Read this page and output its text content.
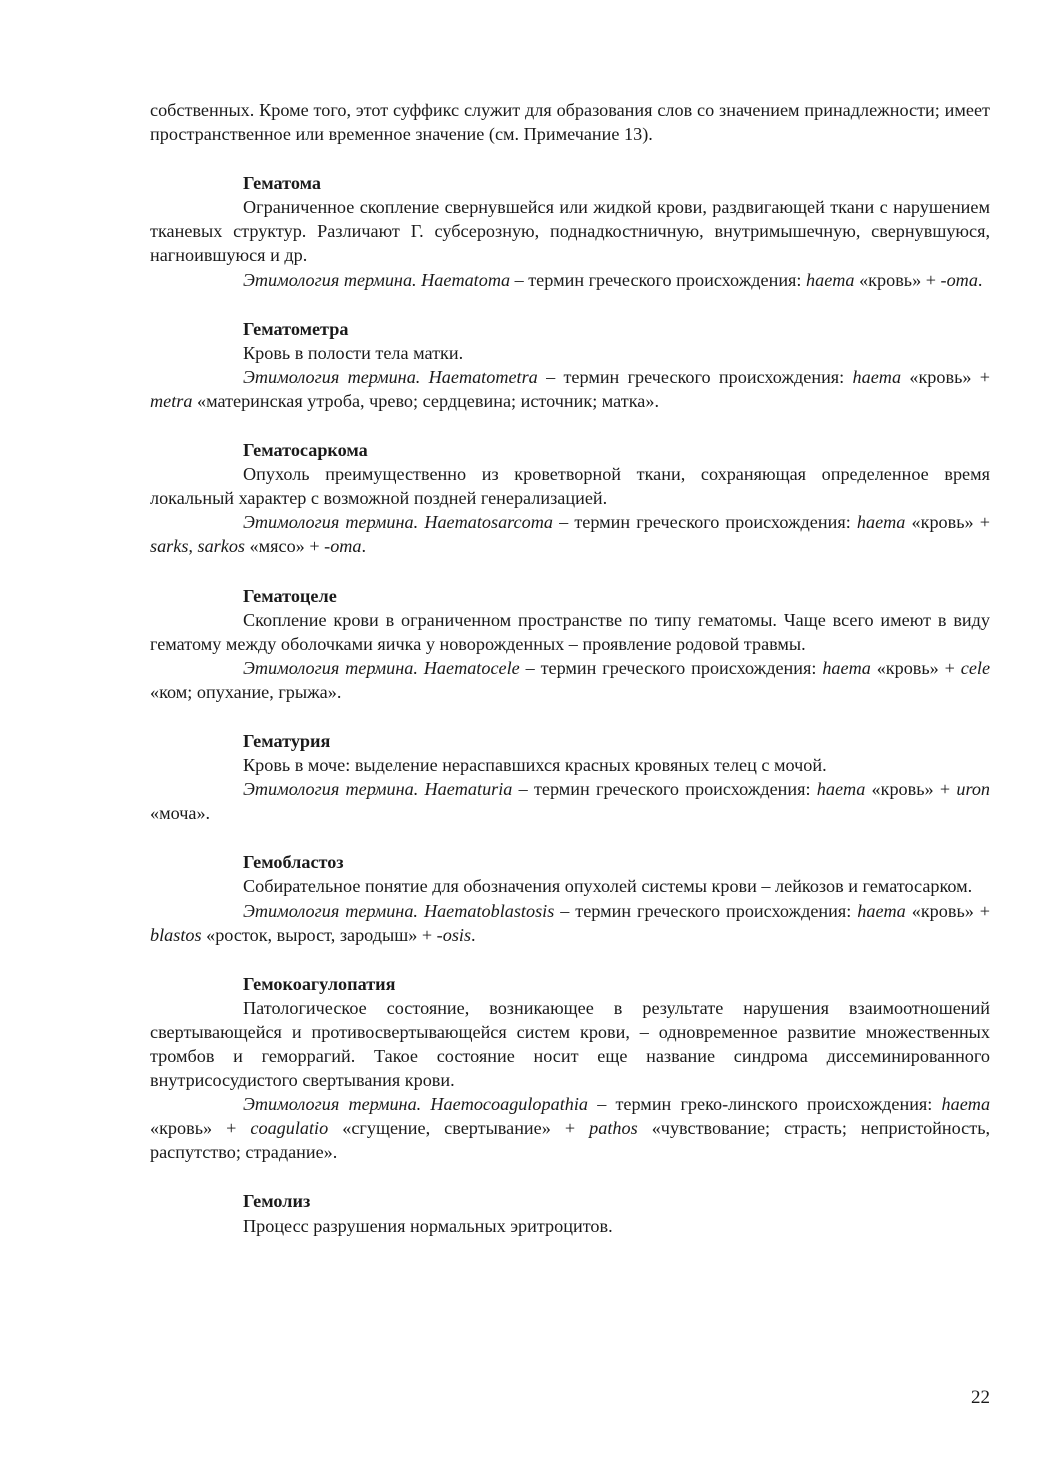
собственных. Кроме того, этот суффикс служит для образования слов со значением принадлежности; имеет пространственное или временное значение (см. Примечание 13).

Гематома

Ограниченное скопление свернувшейся или жидкой крови, раздвигающей ткани с нарушением тканевых структур. Различают Г. субсерозную, поднадкостничную, внутримышечную, свернувшуюся, нагноившуюся и др.

Этимология термина. Haematoma – термин греческого происхождения: haema «кровь» + -oma.

Гематометра

Кровь в полости тела матки.

Этимология термина. Haematometra – термин греческого происхождения: haema «кровь» + metra «материнская утроба, чрево; сердцевина; источник; матка».

Гематосаркома

Опухоль преимущественно из кроветворной ткани, сохраняющая определенное время локальный характер с возможной поздней генерализацией.

Этимология термина. Haematosarcoma – термин греческого происхождения: haema «кровь» + sarks, sarkos «мясо» + -oma.

Гематоцеле

Скопление крови в ограниченном пространстве по типу гематомы. Чаще всего имеют в виду гематому между оболочками яичка у новорожденных – проявление родовой травмы.

Этимология термина. Haematocele – термин греческого происхождения: haema «кровь» + cele «ком; опухание, грыжа».

Гематурия

Кровь в моче: выделение нераспавшихся красных кровяных телец с мочой.

Этимология термина. Haematuria – термин греческого происхождения: haema «кровь» + uron «моча».

Гемобластоз

Собирательное понятие для обозначения опухолей системы крови – лейкозов и гематосарком.

Этимология термина. Haematoblastosis – термин греческого происхождения: haema «кровь» + blastos «росток, вырост, зародыш» + -osis.

Гемокоагулопатия

Патологическое состояние, возникающее в результате нарушения взаимоотношений свертывающейся и противосвертывающейся систем крови, – одновременное развитие множественных тромбов и геморрагий. Такое состояние носит еще название синдрома диссеминированного внутрисосудистого свертывания крови.

Этимология термина. Haemocoagulopathia – термин греко-линского происхождения: haema «кровь» + coagulatio «сгущение, свертывание» + pathos «чувствование; страсть; непристойность, распутство; страдание».

Гемолиз

Процесс разрушения нормальных эритроцитов.

22
